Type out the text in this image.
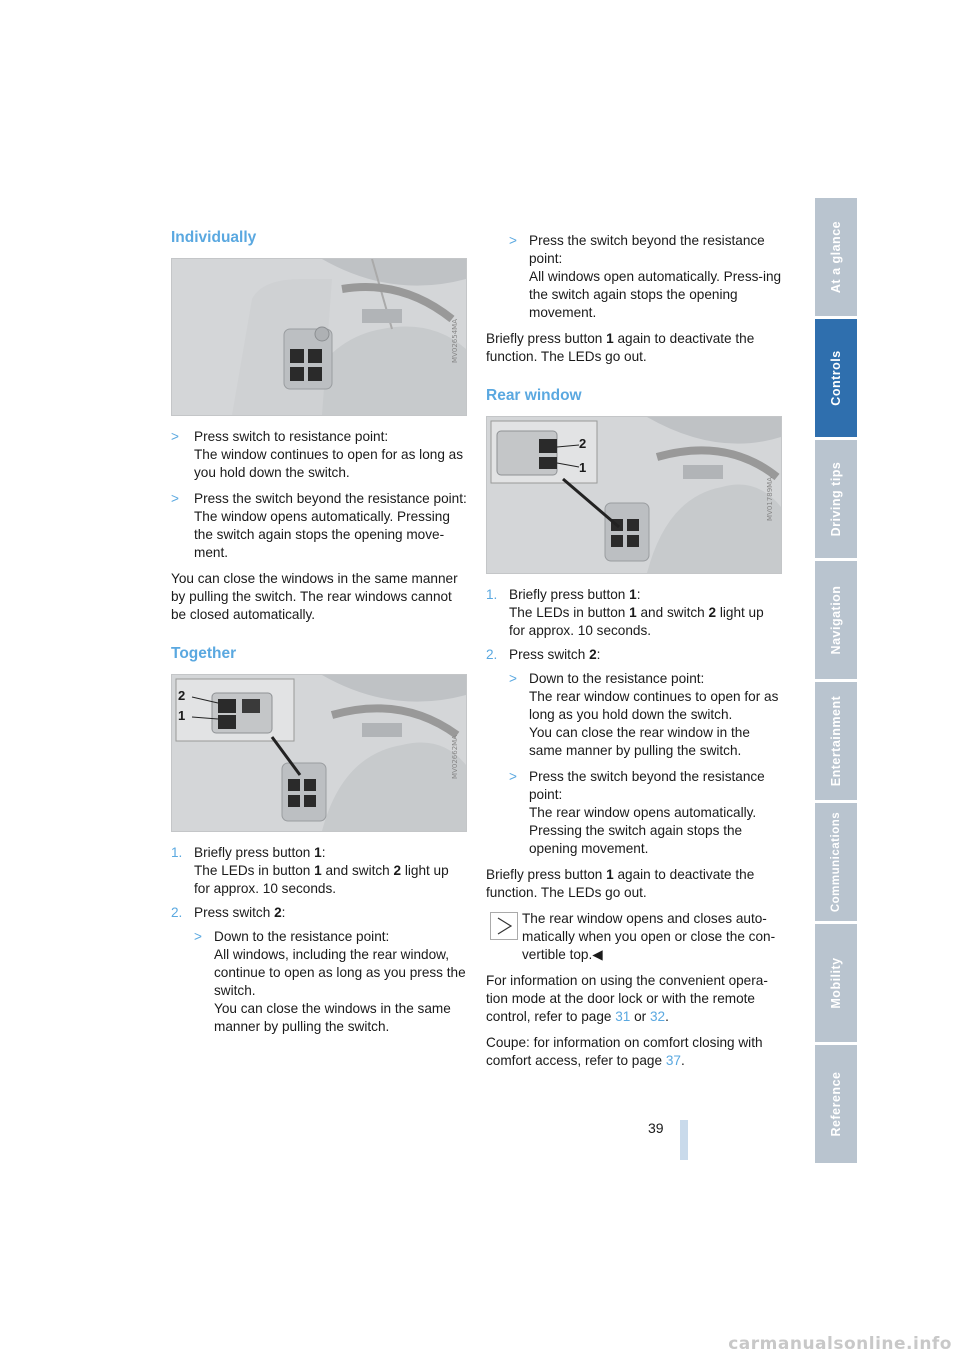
Individually
MV02654MA
> Press switch to resistance point:
The window continues to open for as long as you hold down the switch.
> Press the switch beyond the resistance point:
The window opens automatically. Pressing the switch again stops the opening move-ment.

You can close the windows in the same manner by pulling the switch. The rear windows cannot be closed automatically.

Together
2
1
MV02662MA
1. Briefly press button 1:
The LEDs in button 1 and switch 2 light up for approx. 10 seconds.
2. Press switch 2:
> Down to the resistance point:
All windows, including the rear window, continue to open as long as you press the switch.
You can close the windows in the same manner by pulling the switch.
> Press the switch beyond the resistance point:
All windows open automatically. Press-ing the switch again stops the opening movement.

Briefly press button 1 again to deactivate the function. The LEDs go out.

Rear window
2
1
MV01789MA
1. Briefly press button 1:
The LEDs in button 1 and switch 2 light up for approx. 10 seconds.
2. Press switch 2:
> Down to the resistance point:
The rear window continues to open for as long as you hold down the switch.
You can close the rear window in the same manner by pulling the switch.
> Press the switch beyond the resistance point:
The rear window opens automatically. Pressing the switch again stops the opening movement.

Briefly press button 1 again to deactivate the function. The LEDs go out.

The rear window opens and closes auto-matically when you open or close the con-vertible top.◀

For information on using the convenient opera-tion mode at the door lock or with the remote control, refer to page 31 or 32.

Coupe: for information on comfort closing with comfort access, refer to page 37.

At a glance
Controls
Driving tips
Navigation
Entertainment
Communications
Mobility
Reference
39
carmanualsonline.info
